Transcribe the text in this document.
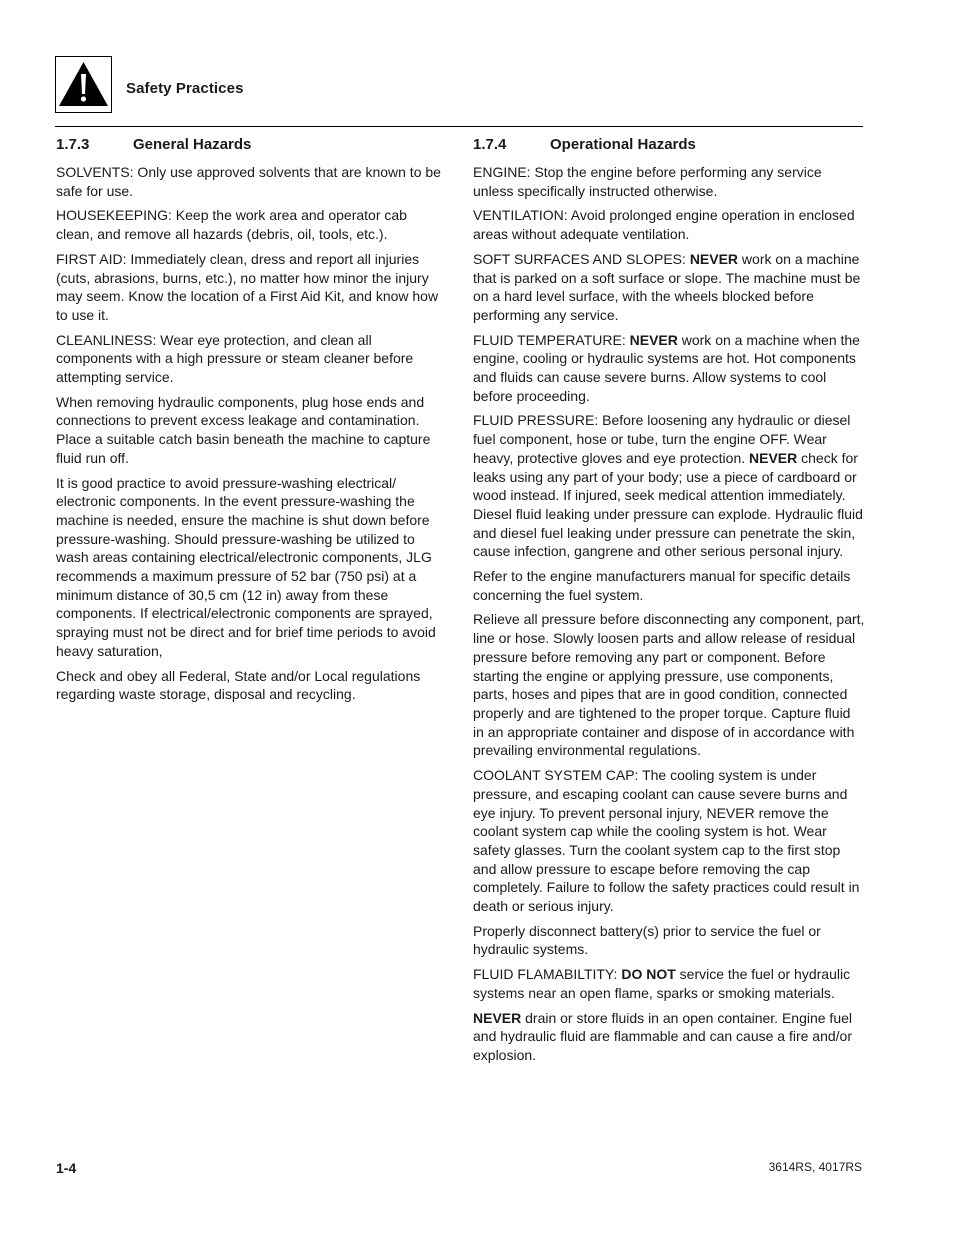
Safety Practices
1.7.3	General Hazards

SOLVENTS: Only use approved solvents that are known to be safe for use.

HOUSEKEEPING: Keep the work area and operator cab clean, and remove all hazards (debris, oil, tools, etc.).

FIRST AID: Immediately clean, dress and report all injuries (cuts, abrasions, burns, etc.), no matter how minor the injury may seem. Know the location of a First Aid Kit, and know how to use it.

CLEANLINESS: Wear eye protection, and clean all components with a high pressure or steam cleaner before attempting service.

When removing hydraulic components, plug hose ends and connections to prevent excess leakage and contamination. Place a suitable catch basin beneath the machine to capture fluid run off.

It is good practice to avoid pressure-washing electrical/ electronic components. In the event pressure-washing the machine is needed, ensure the machine is shut down before pressure-washing. Should pressure-washing be utilized to wash areas containing electrical/electronic components, JLG recommends a maximum pressure of 52 bar (750 psi) at a minimum distance of 30,5 cm (12 in) away from these components. If electrical/electronic components are sprayed, spraying must not be direct and for brief time periods to avoid heavy saturation,

Check and obey all Federal, State and/or Local regulations regarding waste storage, disposal and recycling.

1.7.4	Operational Hazards

ENGINE: Stop the engine before performing any service unless specifically instructed otherwise.

VENTILATION: Avoid prolonged engine operation in enclosed areas without adequate ventilation.

SOFT SURFACES AND SLOPES: NEVER work on a machine that is parked on a soft surface or slope. The machine must be on a hard level surface, with the wheels blocked before performing any service.

FLUID TEMPERATURE: NEVER work on a machine when the engine, cooling or hydraulic systems are hot. Hot components and fluids can cause severe burns. Allow systems to cool before proceeding.

FLUID PRESSURE: Before loosening any hydraulic or diesel fuel component, hose or tube, turn the engine OFF. Wear heavy, protective gloves and eye protection. NEVER check for leaks using any part of your body; use a piece of cardboard or wood instead. If injured, seek medical attention immediately. Diesel fluid leaking under pressure can explode. Hydraulic fluid and diesel fuel leaking under pressure can penetrate the skin, cause infection, gangrene and other serious personal injury.

Refer to the engine manufacturers manual for specific details concerning the fuel system.

Relieve all pressure before disconnecting any component, part, line or hose. Slowly loosen parts and allow release of residual pressure before removing any part or component. Before starting the engine or applying pressure, use components, parts, hoses and pipes that are in good condition, connected properly and are tightened to the proper torque. Capture fluid in an appropriate container and dispose of in accordance with prevailing environmental regulations.

COOLANT SYSTEM CAP: The cooling system is under pressure, and escaping coolant can cause severe burns and eye injury. To prevent personal injury, NEVER remove the coolant system cap while the cooling system is hot. Wear safety glasses. Turn the coolant system cap to the first stop and allow pressure to escape before removing the cap completely. Failure to follow the safety practices could result in death or serious injury.

Properly disconnect battery(s) prior to service the fuel or hydraulic systems.

FLUID FLAMABILTITY: DO NOT service the fuel or hydraulic systems near an open flame, sparks or smoking materials.

NEVER drain or store fluids in an open container. Engine fuel and hydraulic fluid are flammable and can cause a fire and/or explosion.

1-4	3614RS, 4017RS
